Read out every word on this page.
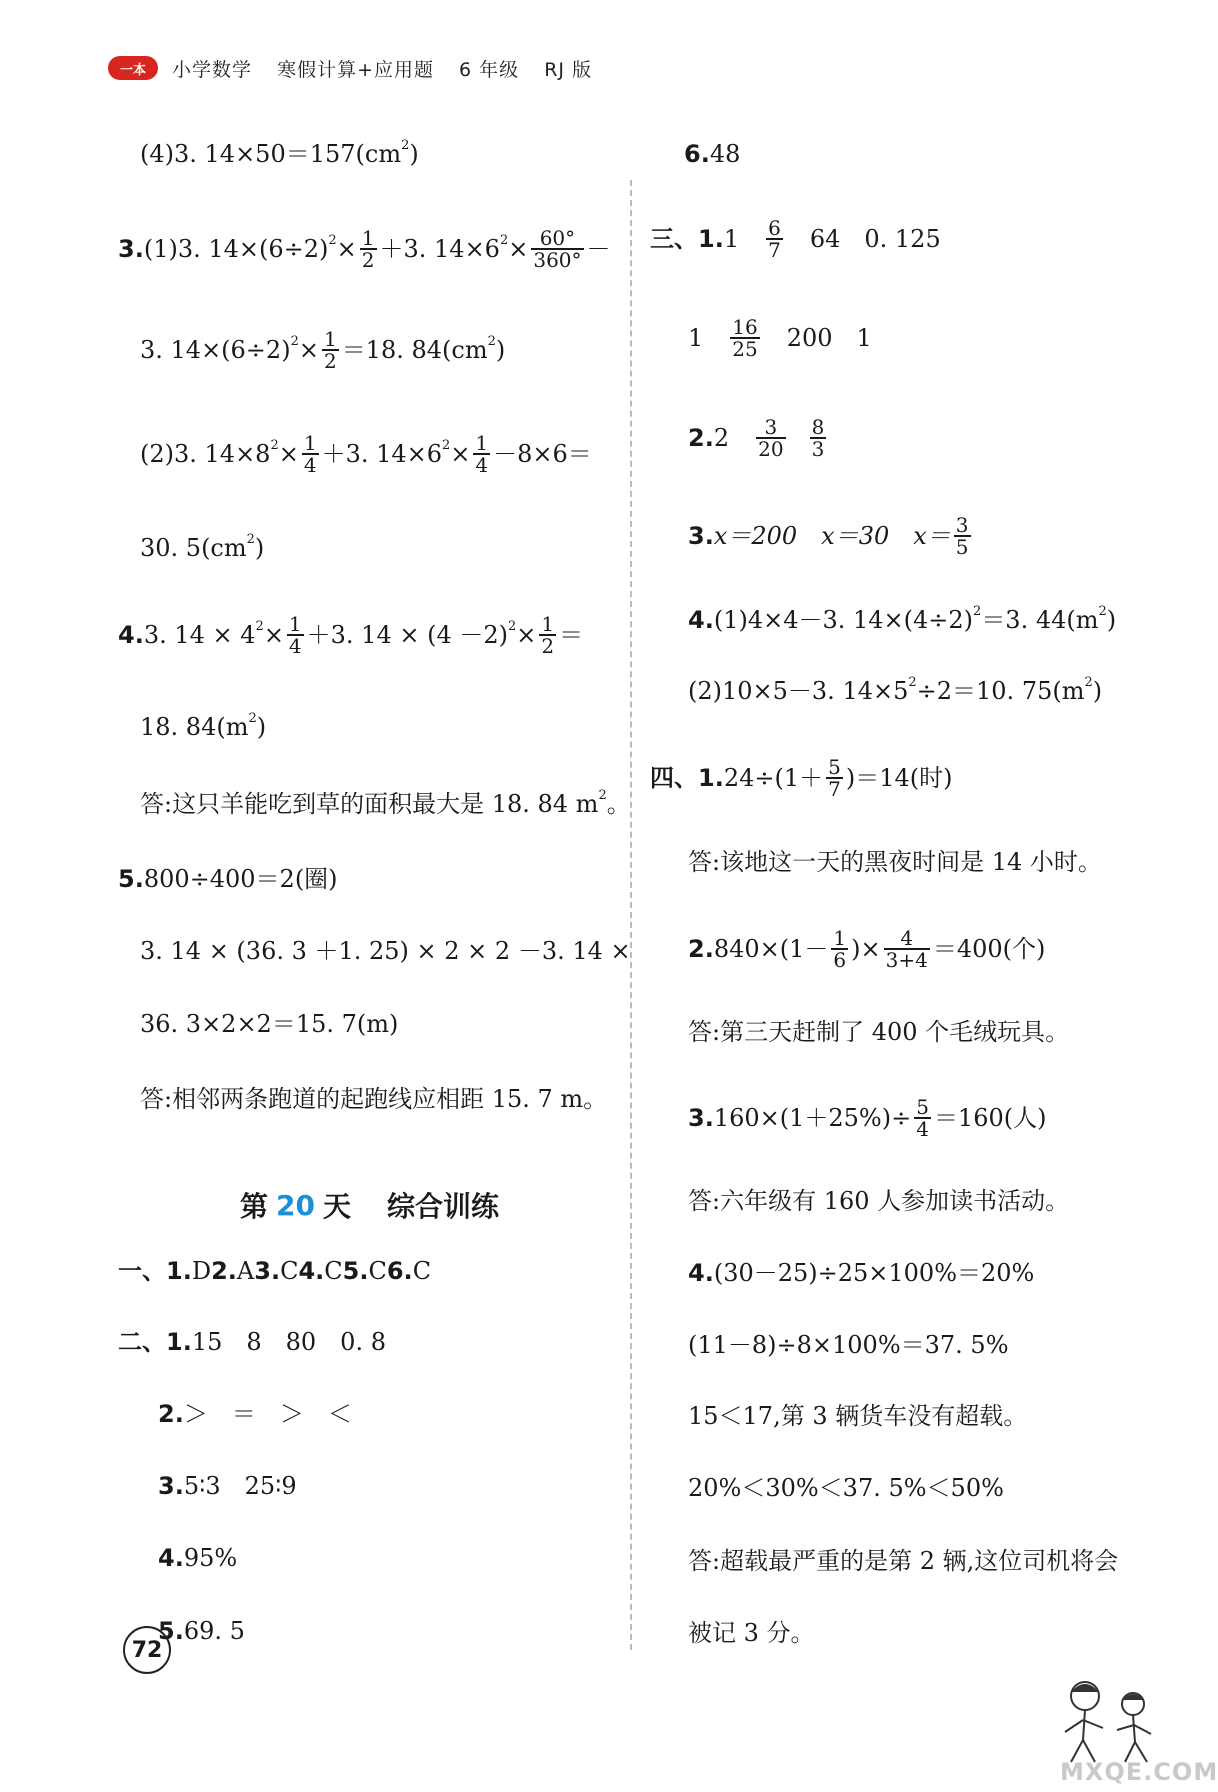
一本	小学数学 寒假计算+应用题 6 年级 RJ 版
(4)3. $14\times 50=157(cm^2$ )
3. (1)3. $14\times(6\div 2)^2 \times \frac{1}{2} +3$. $14\times 6^2 \times \frac{60^\circ}{360^\circ}$ －
3. $14\times(6\div 2)^2 \times \frac{1}{2} =18$. $84(cm^2$ )
(2)3. $14\times 8^2 \times \frac{1}{4} +3$. $14\times 6^2 \times \frac{1}{4} -8\times 6=$
30. $5(cm^2$ )
4. 3. $14 \times 4^2 \times \frac{1}{4} +3$. $14 \times (4 -2)^2 \times \frac{1}{2}$ ＝
18. $84(m^2$ )
答:这只羊能吃到草的面积最大是 18. 84 $m^2$ 。
5. 800÷400＝2(圈)
3. 14 × (36. 3 ＋1. 25) × 2 × 2 －3. 14 ×
36. 3×2×2＝15. 7(m)
答:相邻两条跑道的起跑线应相距 15. 7 m。
第 20 天 综合训练
一、 1. D 2. A 3. C 4. C 5. C 6. C
二、 1. 15　8　80　0. 8
2. ＞　＝　＞　＜
3. 5∶3　25∶9
4. 95%
5. 69. 5
6. 48
三、 1. 1　 $\frac{6}{7}$ 　64　0. 125
1　 $\frac{16}{25}$ 　200　1
2. 2　 $\frac{3}{20} \frac{8}{3}$
3. x＝200　x＝30　$x= \frac{3}{5}$
4. (1)4×4－3. $14\times(4\div 2)^2 =3$. $44(m^2$ )
(2)10×5－3. $14\times 5^2 \div 2=10$. $75(m^2$ )
四、 1. $24\div(1+ \frac{5}{7} )=14$(时)
答:该地这一天的黑夜时间是 14 小时。
2. $840\times(1- \frac{1}{6}$ )× $\frac{4}{3+4} =400$(个)
答:第三天赶制了 400 个毛绒玩具。
3. $160\times(1+25\%)\div \frac{5}{4} =160$(人)
答:六年级有 160 人参加读书活动。
4. (30－25)÷25×100%＝20%
(11－8)÷8×100%＝37. 5%
15＜17,第 3 辆货车没有超载。
20%＜30%＜37. 5%＜50%
答:超载最严重的是第 2 辆,这位司机将会
被记 3 分。
72
MXQE.COM
